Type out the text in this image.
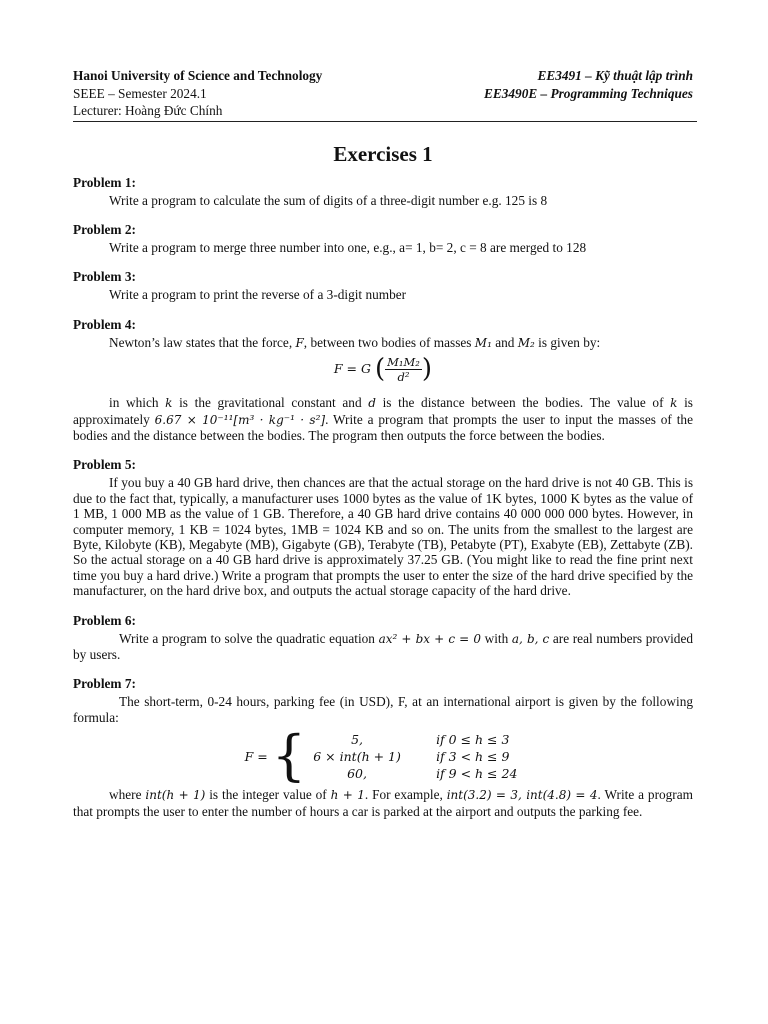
Hanoi University of Science and Technology
SEEE – Semester 2024.1
Lecturer: Hoàng Đức Chính
EE3491 – Kỹ thuật lập trình
EE3490E – Programming Techniques
Exercises 1
Problem 1:

Write a program to calculate the sum of digits of a three-digit number e.g. 125 is 8

Problem 2:

Write a program to merge three number into one, e.g., a= 1, b= 2, c = 8 are merged to 128

Problem 3:

Write a program to print the reverse of a 3-digit number

Problem 4:

Newton’s law states that the force, F, between two bodies of masses M₁ and M₂ is given by:

F = G ( $\frac{\text{M₁M₂}}{\text{d²}}$ )

in which k is the gravitational constant and d is the distance between the bodies. The value of k is approximately 6.67 × 10⁻¹¹[m³ · kg⁻¹ · s²]. Write a program that prompts the user to input the masses of the bodies and the distance between the bodies. The program then outputs the force between the bodies.

Problem 5:

If you buy a 40 GB hard drive, then chances are that the actual storage on the hard drive is not 40 GB. This is due to the fact that, typically, a manufacturer uses 1000 bytes as the value of 1K bytes, 1000 K bytes as the value of 1 MB, 1 000 MB as the value of 1 GB. Therefore, a 40 GB hard drive contains 40 000 000 000 bytes. However, in computer memory, 1 KB = 1024 bytes, 1MB = 1024 KB and so on. The units from the smallest to the largest are Byte, Kilobyte (KB), Megabyte (MB), Gigabyte (GB), Terabyte (TB), Petabyte (PT), Exabyte (EB), Zettabyte (ZB). So the actual storage on a 40 GB hard drive is approximately 37.25 GB. (You might like to read the fine print next time you buy a hard drive.) Write a program that prompts the user to enter the size of the hard drive specified by the manufacturer, on the hard drive box, and outputs the actual storage capacity of the hard drive.

Problem 6:

Write a program to solve the quadratic equation ax² + bx + c = 0 with a, b, c are real numbers provided by users.

Problem 7:

The short-term, 0-24 hours, parking fee (in USD), F, at an international airport is given by the following formula:

F = {	5,	if 0 ≤ h ≤ 3
6 × int(h + 1)	if 3 < h ≤ 9
60,	if 9 < h ≤ 24

where int(h + 1) is the integer value of h + 1. For example, int(3.2) = 3, int(4.8) = 4. Write a program that prompts the user to enter the number of hours a car is parked at the airport and outputs the parking fee.
